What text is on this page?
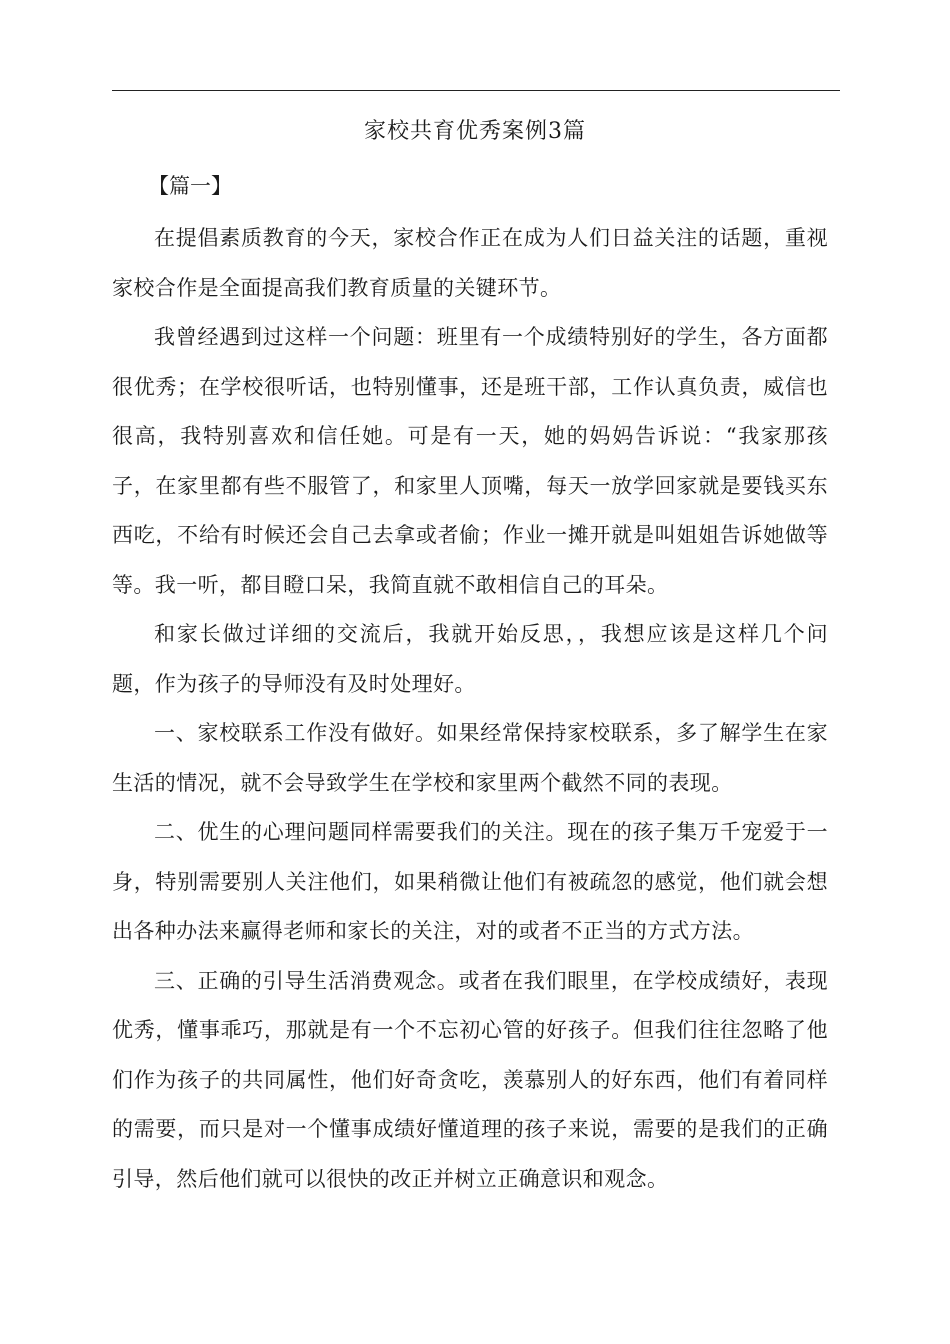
家校共育优秀案例3篇
【篇一】

在提倡素质教育的今天，家校合作正在成为人们日益关注的话题，重视家校合作是全面提高我们教育质量的关键环节。

我曾经遇到过这样一个问题：班里有一个成绩特别好的学生，各方面都很优秀；在学校很听话，也特别懂事，还是班干部，工作认真负责，威信也很高，我特别喜欢和信任她。可是有一天，她的妈妈告诉说：“我家那孩子，在家里都有些不服管了，和家里人顶嘴，每天一放学回家就是要钱买东西吃，不给有时候还会自己去拿或者偷；作业一摊开就是叫姐姐告诉她做等等。我一听，都目瞪口呆，我简直就不敢相信自己的耳朵。

和家长做过详细的交流后，我就开始反思，，我想应该是这样几个问题，作为孩子的导师没有及时处理好。

一、家校联系工作没有做好。如果经常保持家校联系，多了解学生在家生活的情况，就不会导致学生在学校和家里两个截然不同的表现。

二、优生的心理问题同样需要我们的关注。现在的孩子集万千宠爱于一身，特别需要别人关注他们，如果稍微让他们有被疏忽的感觉，他们就会想出各种办法来赢得老师和家长的关注，对的或者不正当的方式方法。

三、正确的引导生活消费观念。或者在我们眼里，在学校成绩好，表现优秀，懂事乖巧，那就是有一个不忘初心管的好孩子。但我们往往忽略了他们作为孩子的共同属性，他们好奇贪吃，羡慕别人的好东西，他们有着同样的需要，而只是对一个懂事成绩好懂道理的孩子来说，需要的是我们的正确引导，然后他们就可以很快的改正并树立正确意识和观念。
